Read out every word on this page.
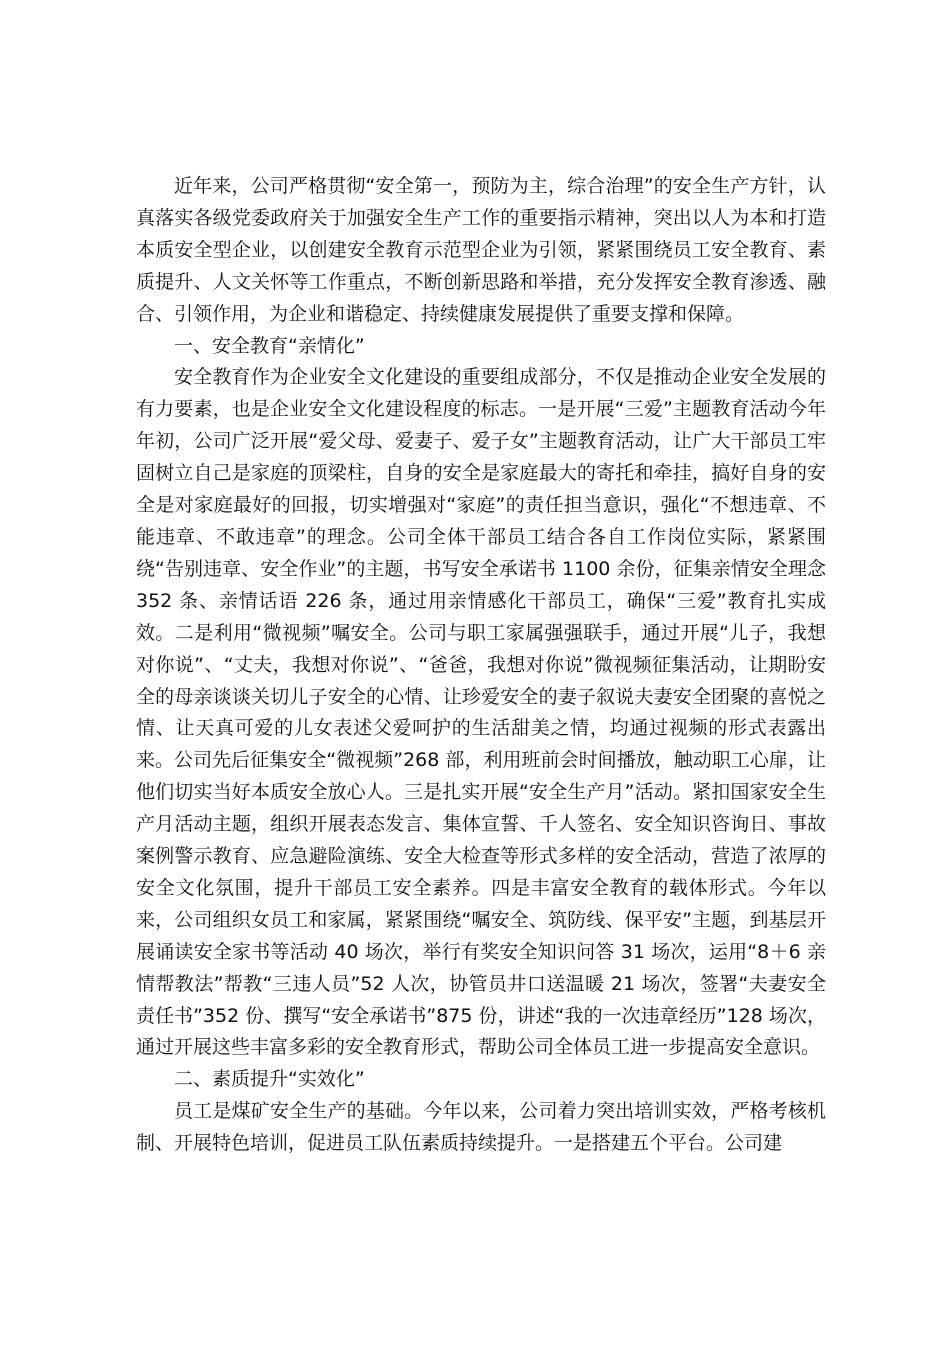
近年来，公司严格贯彻“安全第一，预防为主，综合治理”的安全生产方针，认真落实各级党委政府关于加强安全生产工作的重要指示精神，突出以人为本和打造本质安全型企业，以创建安全教育示范型企业为引领，紧紧围绕员工安全教育、素质提升、人文关怀等工作重点，不断创新思路和举措，充分发挥安全教育渗透、融合、引领作用，为企业和谐稳定、持续健康发展提供了重要支撑和保障。

一、安全教育“亲情化”

安全教育作为企业安全文化建设的重要组成部分，不仅是推动企业安全发展的有力要素，也是企业安全文化建设程度的标志。一是开展“三爱”主题教育活动今年年初，公司广泛开展“爱父母、爱妻子、爱子女”主题教育活动，让广大干部员工牢固树立自己是家庭的顶梁柱，自身的安全是家庭最大的寄托和牵挂，搞好自身的安全是对家庭最好的回报，切实增强对“家庭”的责任担当意识，强化“不想违章、不能违章、不敢违章”的理念。公司全体干部员工结合各自工作岗位实际，紧紧围绕“告别违章、安全作业”的主题，书写安全承诺书 1100 余份，征集亲情安全理念 352 条、亲情话语 226 条，通过用亲情感化干部员工，确保“三爱”教育扎实成效。二是利用“微视频”嘱安全。公司与职工家属强强联手，通过开展“儿子，我想对你说”、“丈夫，我想对你说”、“爸爸，我想对你说”微视频征集活动，让期盼安全的母亲谈谈关切儿子安全的心情、让珍爱安全的妻子叙说夫妻安全团聚的喜悦之情、让天真可爱的儿女表述父爱呵护的生活甜美之情，均通过视频的形式表露出来。公司先后征集安全“微视频”268 部，利用班前会时间播放，触动职工心扉，让他们切实当好本质安全放心人。三是扎实开展“安全生产月”活动。紧扣国家安全生产月活动主题，组织开展表态发言、集体宣誓、千人签名、安全知识咨询日、事故案例警示教育、应急避险演练、安全大检查等形式多样的安全活动，营造了浓厚的安全文化氛围，提升干部员工安全素养。四是丰富安全教育的载体形式。今年以来，公司组织女员工和家属，紧紧围绕“嘱安全、筑防线、保平安”主题，到基层开展诵读安全家书等活动 40 场次，举行有奖安全知识问答 31 场次，运用“8＋6 亲情帮教法”帮教“三违人员”52 人次，协管员井口送温暖 21 场次，签署“夫妻安全责任书”352 份、撰写“安全承诺书”875 份，讲述“我的一次违章经历”128 场次，通过开展这些丰富多彩的安全教育形式，帮助公司全体员工进一步提高安全意识。

二、素质提升“实效化”

员工是煤矿安全生产的基础。今年以来，公司着力突出培训实效，严格考核机制、开展特色培训，促进员工队伍素质持续提升。一是搭建五个平台。公司建
